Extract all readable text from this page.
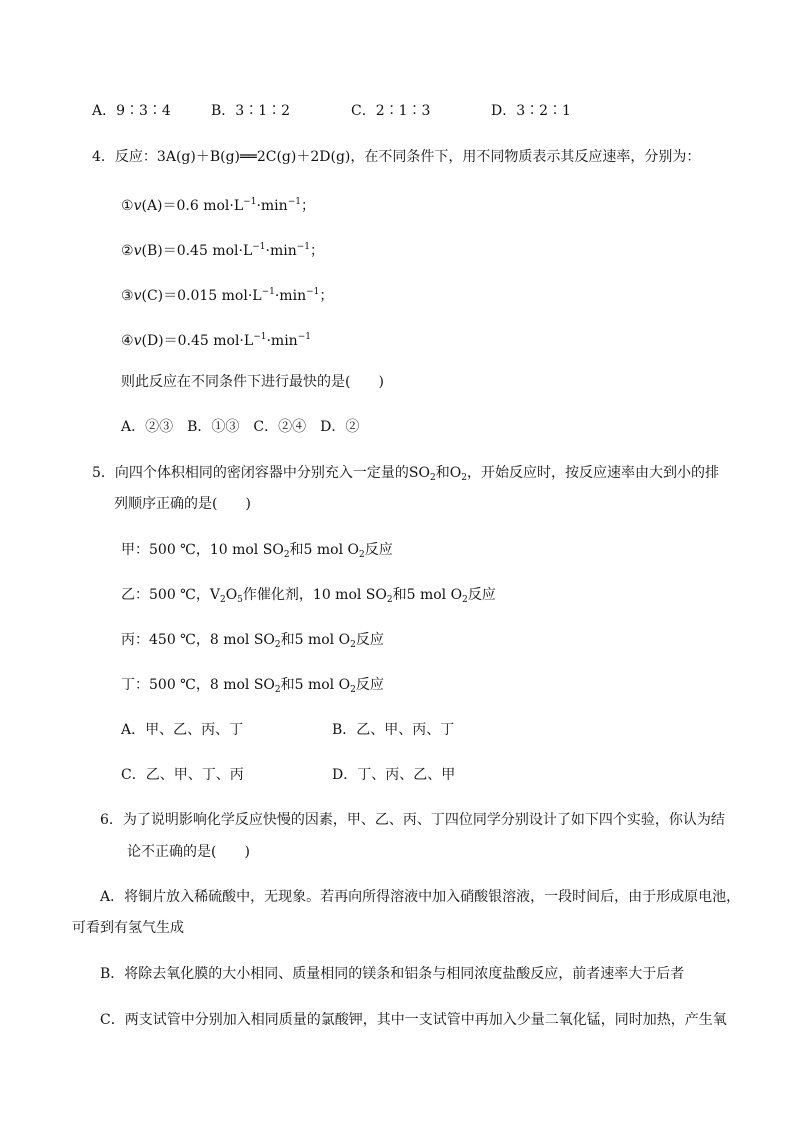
A．9∶3∶4	B．3∶1∶2	C．2∶1∶3	D．3∶2∶1
4．反应：3A(g)＋B(g)══2C(g)＋2D(g)，在不同条件下，用不同物质表示其反应速率，分别为：
①v(A)＝0.6 $mol\cdot L^{-1}\cdot\min^{-1}$；
②v(B)＝0.45 $mol\cdot L^{-1}\cdot\min^{-1}$；
③v(C)＝0.015 $mol\cdot L^{-1}\cdot\min^{-1}$；
④v(D)＝0.45 $mol\cdot L^{-1}\cdot\min^{-1}$
则此反应在不同条件下进行最快的是(　　)
A．②③　B．①③　C．②④　D．②
5．向四个体积相同的密闭容器中分别充入一定量的$SO_2$和$O_2$，开始反应时，按反应速率由大到小的排
列顺序正确的是(　　)
甲：500 ℃，10 mol $SO_2$和5 mol $O_2$反应
乙：500 ℃，$V_2O_5$作催化剂，10 mol $SO_2$和5 mol $O_2$反应
丙：450 ℃，8 mol $SO_2$和5 mol $O_2$反应
丁：500 ℃，8 mol $SO_2$和5 mol $O_2$反应
A．甲、乙、丙、丁	B．乙、甲、丙、丁
C．乙、甲、丁、丙	D．丁、丙、乙、甲
6．为了说明影响化学反应快慢的因素，甲、乙、丙、丁四位同学分别设计了如下四个实验，你认为结
论不正确的是(　　)
A．将铜片放入稀硫酸中，无现象。若再向所得溶液中加入硝酸银溶液，一段时间后，由于形成原电池，
可看到有氢气生成
B．将除去氧化膜的大小相同、质量相同的镁条和铝条与相同浓度盐酸反应，前者速率大于后者
C．两支试管中分别加入相同质量的氯酸钾，其中一支试管中再加入少量二氧化锰，同时加热，产生氧
